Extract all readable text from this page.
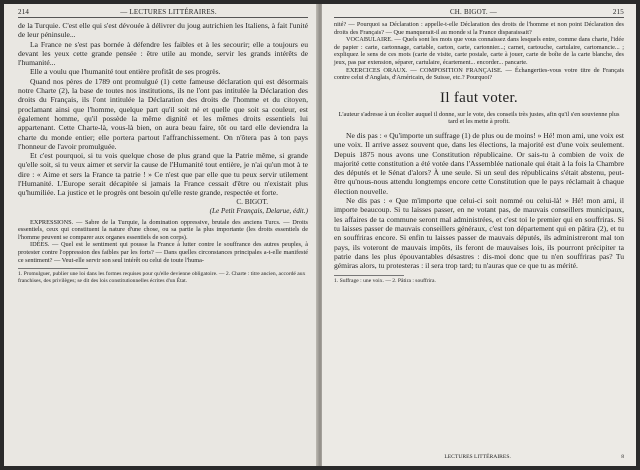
214	— LECTURES LITTÉRAIRES.

de la Turquie. C'est elle qui s'est dévouée à délivrer du joug autrichien les Italiens, à fait l'unité de leur péninsule...

La France ne s'est pas bornée à défendre les faibles et à les secourir; elle a toujours eu devant les yeux cette grande pensée : être utile au monde, servir les grands intérêts de l'humanité...

Elle a voulu que l'humanité tout entière profitât de ses progrès.

Quand nos pères de 1789 ont promulgué (1) cette fameuse déclaration qui est désormais notre Charte (2), la base de toutes nos institutions, ils ne l'ont pas intitulée la Déclaration des droits du Français, ils l'ont intitulée la Déclaration des droits de l'homme et du citoyen, proclamant ainsi que l'homme, quelque part qu'il soit né et quelle que soit sa couleur, est également homme, qu'il possède la même dignité et les mêmes droits essentiels lui appartenant. Cette Charte-là, vous-là bien, on aura beau faire, tôt ou tard elle deviendra la charte du monde entier; elle portera partout l'affranchissement. On n'ôtera pas à ton pays l'honneur de l'avoir promulguée.

Et c'est pourquoi, si tu vois quelque chose de plus grand que la Patrie même, si grande qu'elle soit, si tu veux aimer et servir la cause de l'Humanité tout entière, je n'ai qu'un mot à te dire : « Aime et sers la France ta patrie ! » Ce n'est que par elle que tu peux servir utilement l'Humanité. L'Europe serait décapitée si jamais la France cessait d'être ou n'existait plus qu'humiliée. La justice et le progrès ont besoin qu'elle reste grande, respectée et forte.

C. BIGOT.
(Le Petit Français, Delarue, édit.)

EXPRESSIONS. — Sabre de la Turquie, la domination oppressive, brutale des anciens Turcs. — Droits essentiels, ceux qui constituent la nature d'une chose, ou sa partie la plus importante (les droits essentiels de l'homme peuvent se comparer aux organes essentiels de son corps).

IDÉES. — Quel est le sentiment qui pousse la France à lutter contre le souffrance des autres peuples, à protester contre l'oppression des faibles par les forts? — Dans quelles circonstances principales a-t-elle manifesté ce sentiment? — Veut-elle servir son seul intérêt ou celui de toute l'huma-

1. Promulguer, publier une loi dans les formes requises pour qu'elle devienne obligatoire. — 2. Charte : titre ancien, accordé aux franchises, des privilèges; se dit des lois constitutionnelles écrites d'un État.

CH. BIGOT. —	215

nité? — Pourquoi sa Déclaration : appelle-t-elle Déclaration des droits de l'homme et non point Déclaration des droits des Français? — Que manquerait-il au monde si la France disparaissait?

VOCABULAIRE. — Quels sont les mots que vous connaissez dans lesquels entre, comme dans charte, l'idée de papier : carte, cartonnage, cartable, carton, carte, cartonnier...; carnet, cartouche, cartulaire, cartomancie... ; expliquez le sens de ces mots (carte de visite, carte postale, carte à jouer, carte de boîte de la carte blanche, des jeux, pas par extension, séparer, cartulaire, écartement... encorder... pancarte.

EXERCICES ORAUX. — COMPOSITION FRANÇAISE. — Échangerties-vous votre titre de Français contre celui d'Anglais, d'Américain, de Suisse, etc.? Pourquoi?

Il faut voter.

L'auteur s'adresse à un écolier auquel il donne, sur le vote, des conseils très justes, afin qu'il s'en souvienne plus tard et les mette à profit.

Ne dis pas : « Qu'importe un suffrage (1) de plus ou de moins! » Hé! mon ami, une voix est une voix. Il arrive assez souvent que, dans les élections, la majorité est d'une voix seulement. Depuis 1875 nous avons une Constitution républicaine. Or sais-tu à combien de voix de majorité cette constitution a été votée dans l'Assemblée nationale qui était à la fois la Chambre des députés et le Sénat d'alors? À une seule. Si un seul des républicains s'était abstenu, peut-être qu'nous-nous attendu longtemps encore cette Constitution que le pays réclamait à chaque élection nouvelle.

Ne dis pas : « Que m'importe que celui-ci soit nommé ou celui-là! » Hé! mon ami, il importe beaucoup. Si tu laisses passer, en ne votant pas, de mauvais conseillers municipaux, les affaires de ta commune seront mal administrées, et c'est toi le premier qui en souffriras. Si tu laisses passer de mauvais conseillers généraux, c'est ton département qui en pâtira (2), et tu en souffriras encore. Si enfin tu laisses passer de mauvais députés, ils administreront mal ton pays, ils voteront de mauvais impôts, ils feront de mauvaises lois, ils pourront précipiter ta patrie dans les plus épouvantables désastres : dis-moi donc que tu n'en souffriras pas? Tu gémiras alors, tu protesteras : il sera trop tard; tu n'auras que ce que tu as mérité.

1. Suffrage : une voix. — 2. Pâtira : souffrira.

LECTURES LITTÉRAIRES.	8
